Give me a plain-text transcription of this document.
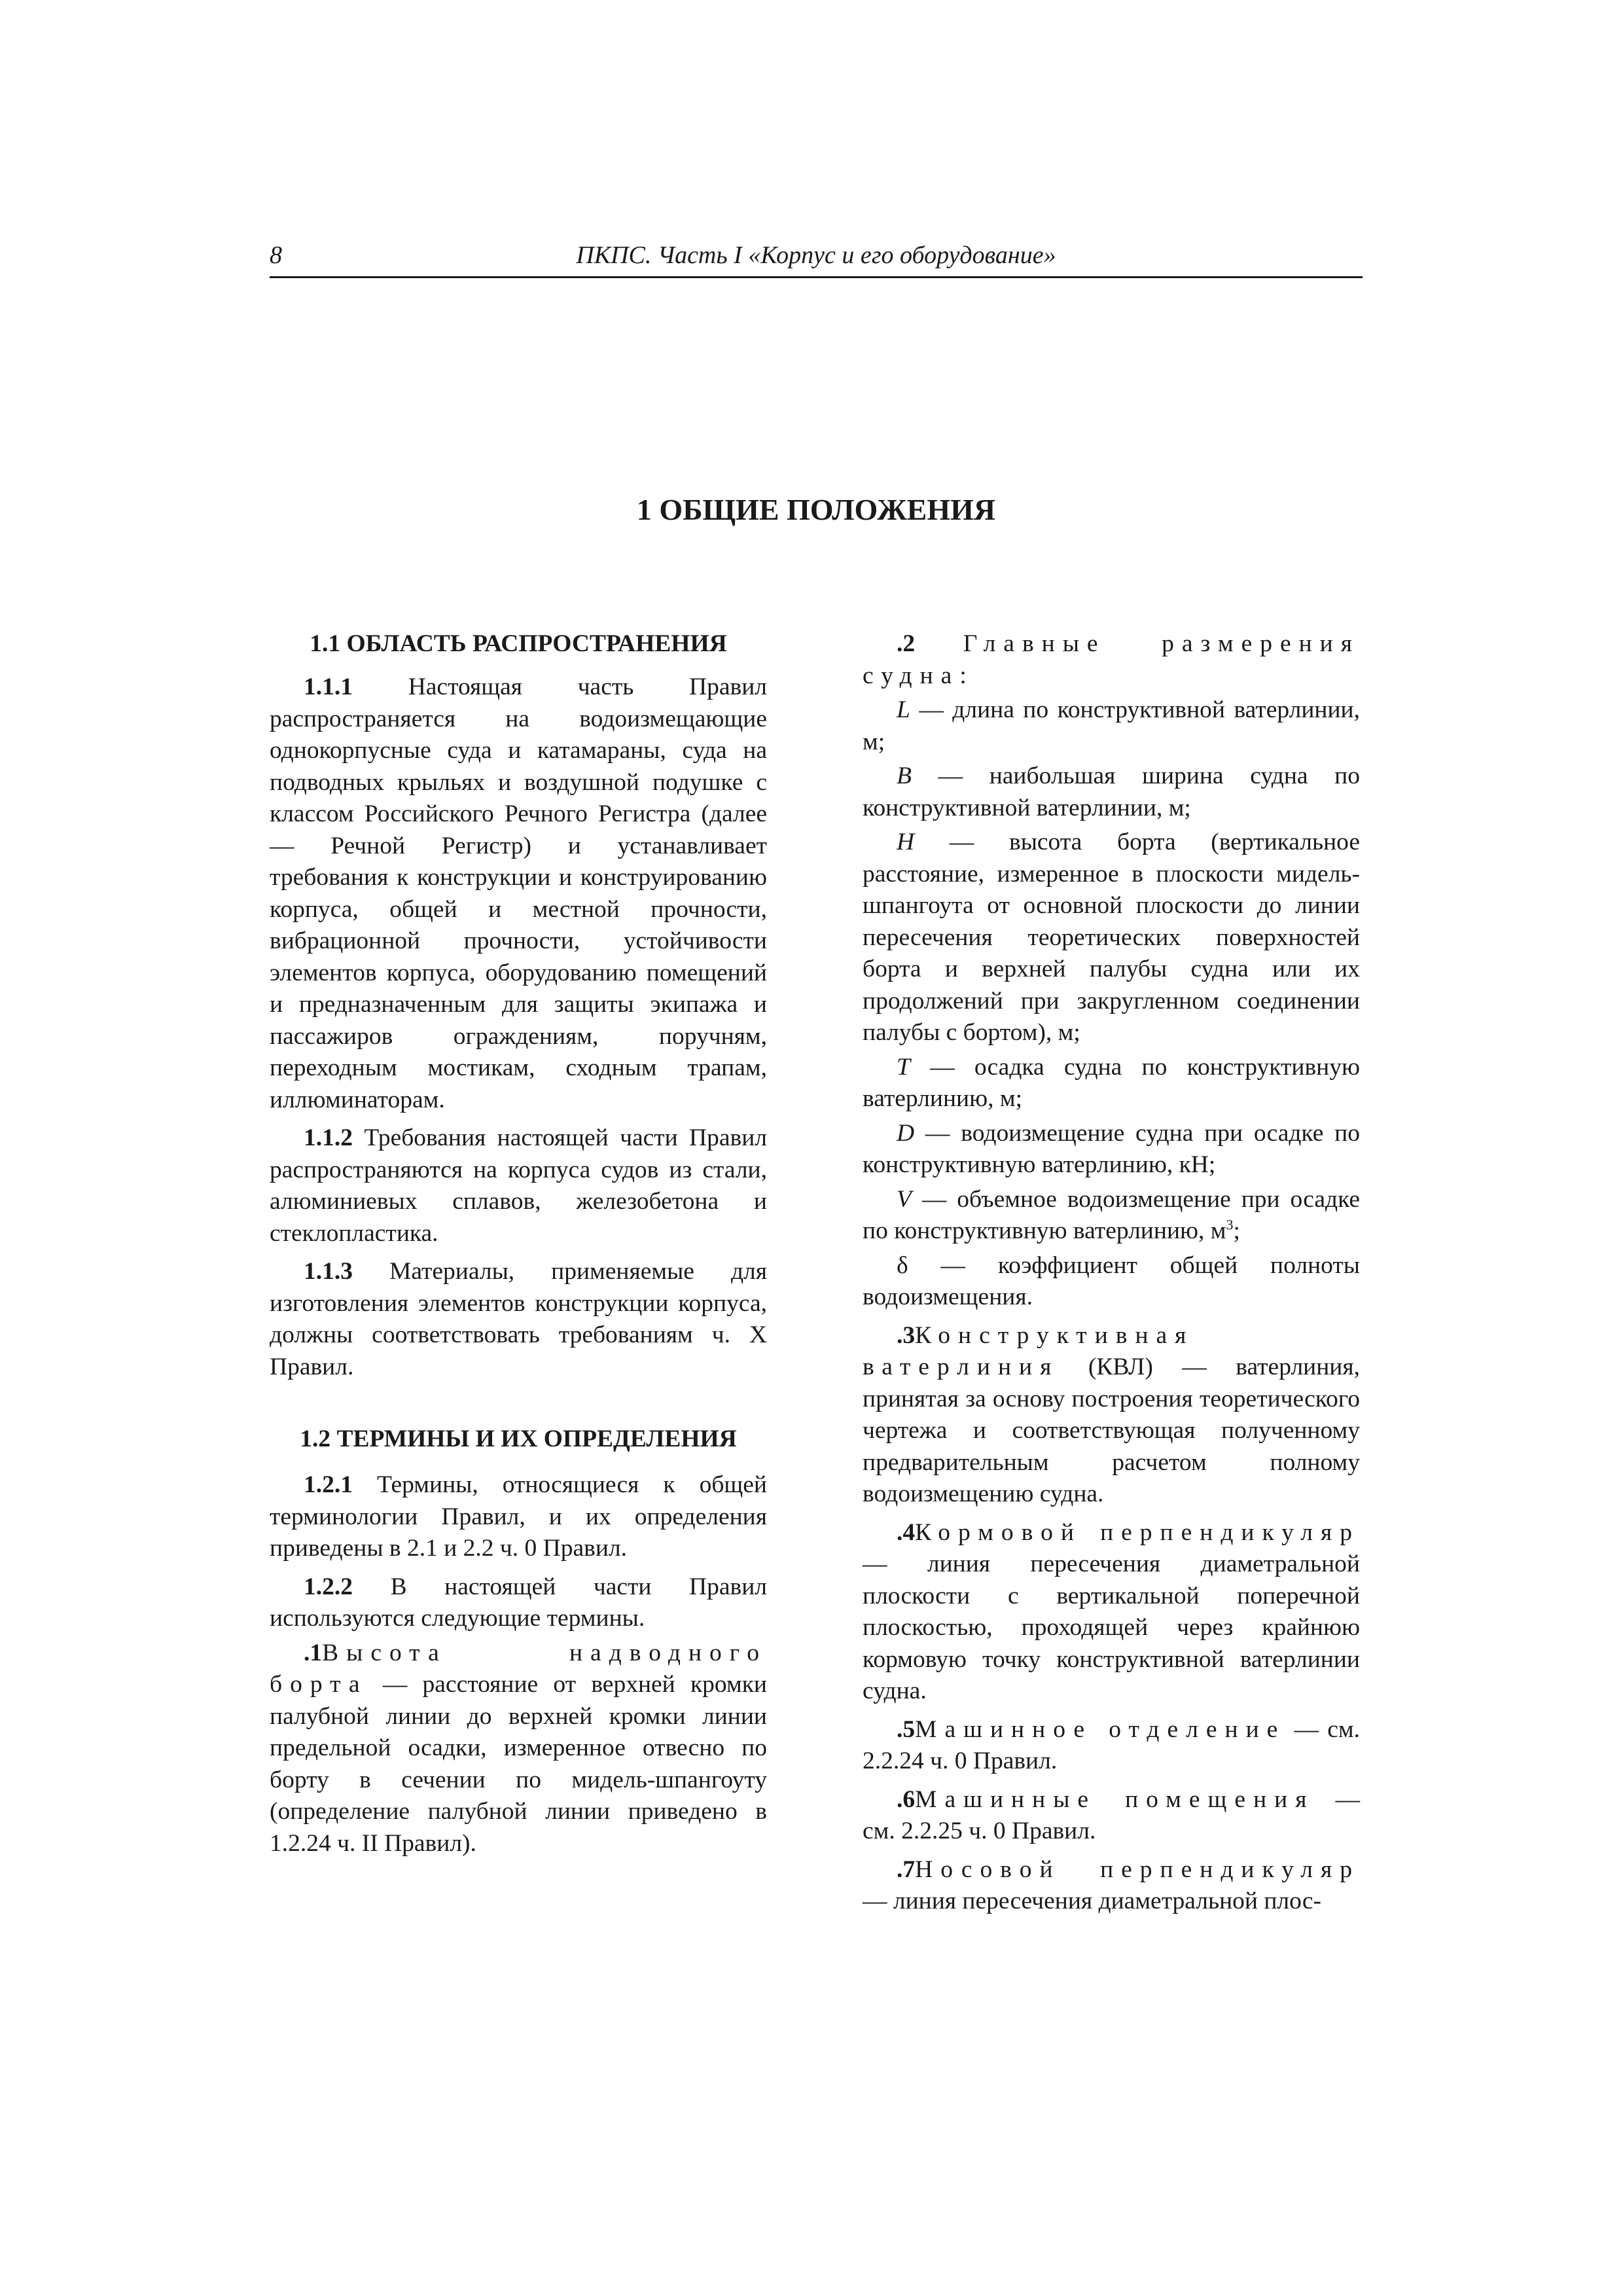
8	ПКПС. Часть I «Корпус и его оборудование»
1 ОБЩИЕ ПОЛОЖЕНИЯ
1.1 ОБЛАСТЬ РАСПРОСТРАНЕНИЯ

1.1.1 Настоящая часть Правил распространяется на водоизмещающие однокорпусные суда и катамараны, суда на подводных крыльях и воздушной подушке с классом Российского Речного Регистра (далее — Речной Регистр) и устанавливает требования к конструкции и конструированию корпуса, общей и местной прочности, вибрационной прочности, устойчивости элементов корпуса, оборудованию помещений и предназначенным для защиты экипажа и пассажиров ограждениям, поручням, переходным мостикам, сходным трапам, иллюминаторам.

1.1.2 Требования настоящей части Правил распространяются на корпуса судов из стали, алюминиевых сплавов, железобетона и стеклопластика.

1.1.3 Материалы, применяемые для изготовления элементов конструкции корпуса, должны соответствовать требованиям ч. X Правил.

1.2 ТЕРМИНЫ И ИХ ОПРЕДЕЛЕНИЯ

1.2.1 Термины, относящиеся к общей терминологии Правил, и их определения приведены в 2.1 и 2.2 ч. 0 Правил.

1.2.2 В настоящей части Правил используются следующие термины.

.1Высота надводного борта — расстояние от верхней кромки палубной линии до верхней кромки линии предельной осадки, измеренное отвесно по борту в сечении по мидель-шпангоуту (определение палубной линии приведено в 1.2.24 ч. II Правил).

.2 Главные размерения судна:

L — длина по конструктивной ватерлинии, м;

B — наибольшая ширина судна по конструктивной ватерлинии, м;

H — высота борта (вертикальное расстояние, измеренное в плоскости мидель-шпангоута от основной плоскости до линии пересечения теоретических поверхностей борта и верхней палубы судна или их продолжений при закругленном соединении палубы с бортом), м;

T — осадка судна по конструктивную ватерлинию, м;

D — водоизмещение судна при осадке по конструктивную ватерлинию, кН;

V — объемное водоизмещение при осадке по конструктивную ватерлинию, $м^3$;

δ — коэффициент общей полноты водоизмещения.

.3Конструктивная ватерлиния (КВЛ) — ватерлиния, принятая за основу построения теоретического чертежа и соответствующая полученному предварительным расчетом полному водоизмещению судна.

.4Кормовой перпендикуляр — линия пересечения диаметральной плоскости с вертикальной поперечной плоскостью, проходящей через крайнюю кормовую точку конструктивной ватерлинии судна.

.5Машинное отделение — см. 2.2.24 ч. 0 Правил.

.6Машинные помещения — см. 2.2.25 ч. 0 Правил.

.7Носовой перпендикуляр — линия пересечения диаметральной плос-
